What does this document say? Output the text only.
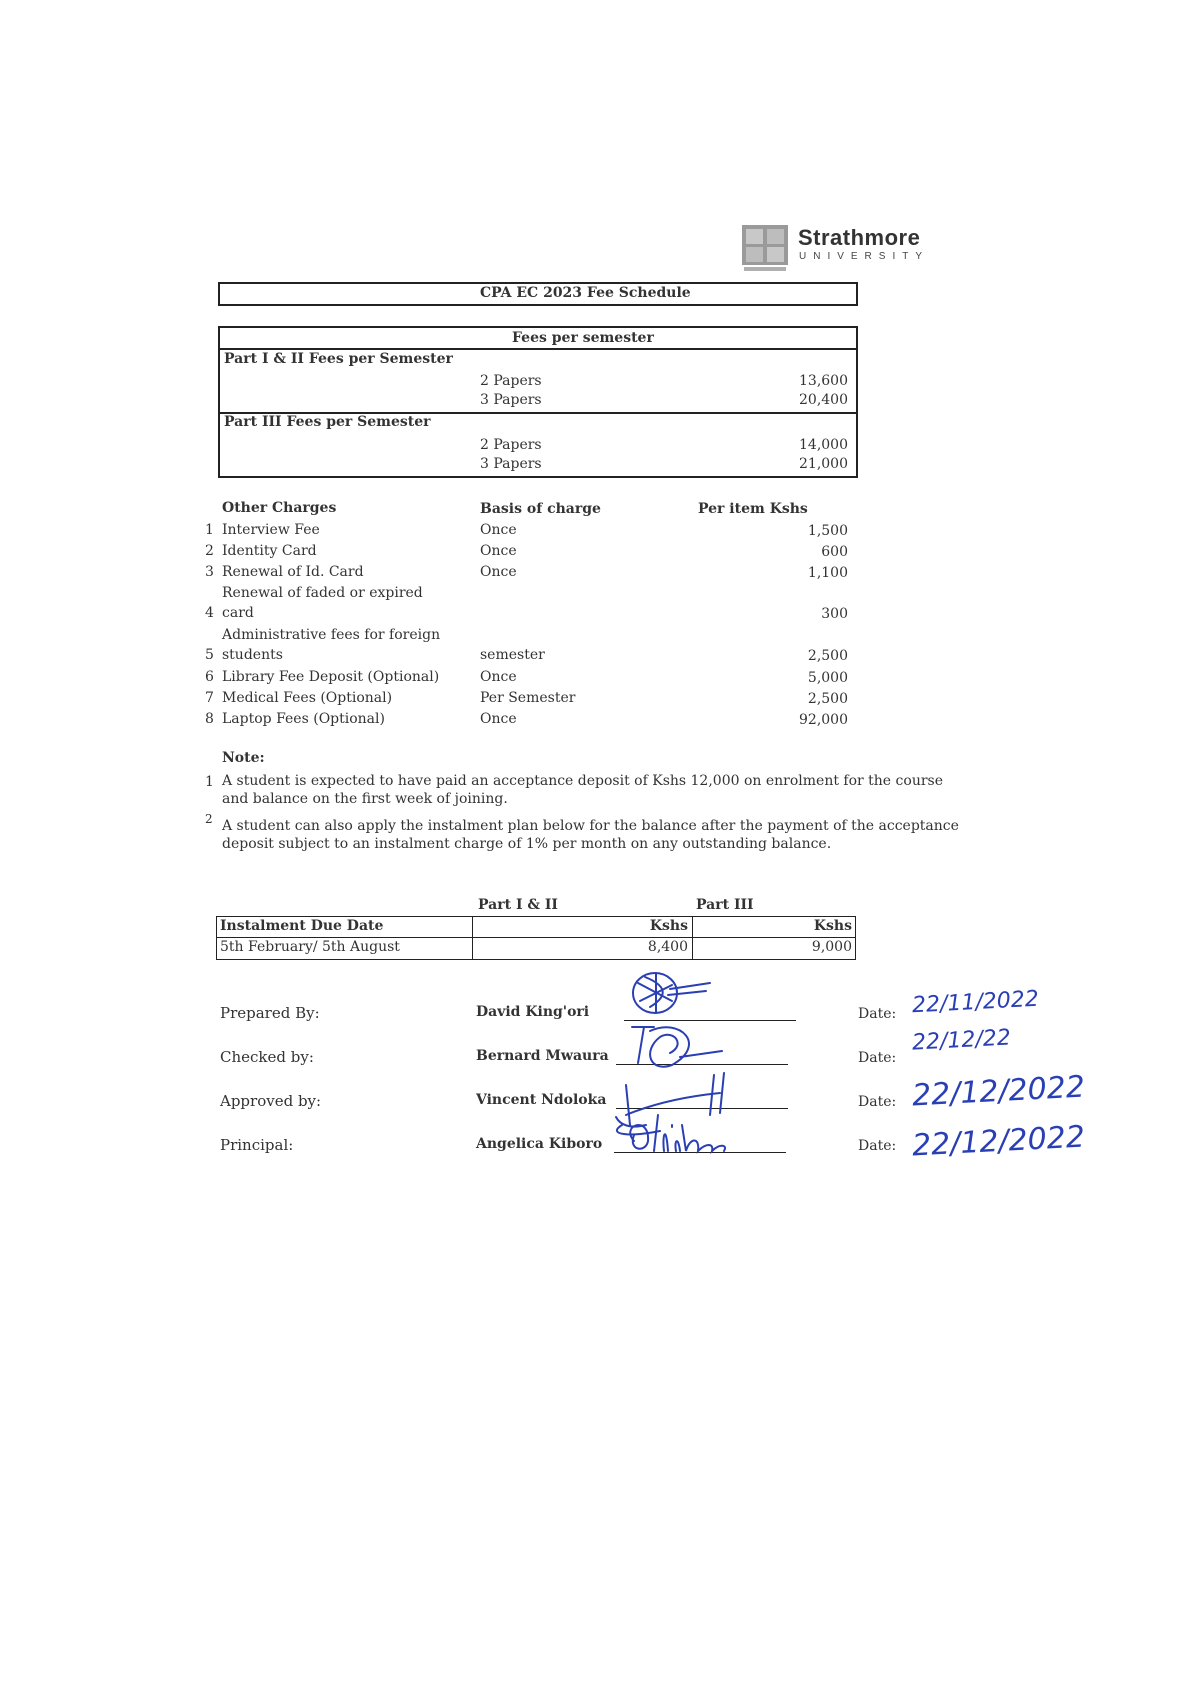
Strathmore
UNIVERSITY
CPA EC 2023 Fee Schedule
Fees per semester
Part I & II Fees per Semester
2 Papers	13,600
3 Papers	20,400
Part III Fees per Semester
2 Papers	14,000
3 Papers	21,000
Other Charges	Basis of charge	Per item Kshs
1 Interview Fee	Once	1,500
2 Identity Card	Once	600
3 Renewal of Id. Card	Once	1,100
4
Renewal of faded or expired
card	300
5
Administrative fees for foreign
students	semester	2,500
6 Library Fee Deposit (Optional)	Once	5,000
7 Medical Fees (Optional)	Per Semester	2,500
8 Laptop Fees (Optional)	Once	92,000
Note:
1 A student is expected to have paid an acceptance deposit of Kshs 12,000 on enrolment for the course
and balance on the first week of joining.
2 A student can also apply the instalment plan below for the balance after the payment of the acceptance
deposit subject to an instalment charge of 1% per month on any outstanding balance.
Part I & II	Part III
Instalment Due Date	Kshs	Kshs
5th February/ 5th August	8,400	9,000
Prepared By:	David King'ori	Date: 22/11/2022
Checked by:	Bernard Mwaura	Date:
22/12/22
Approved by:	Vincent Ndoloka	Date: 22/12/2022
Principal:	Angelica Kiboro	Date: 22/12/2022
